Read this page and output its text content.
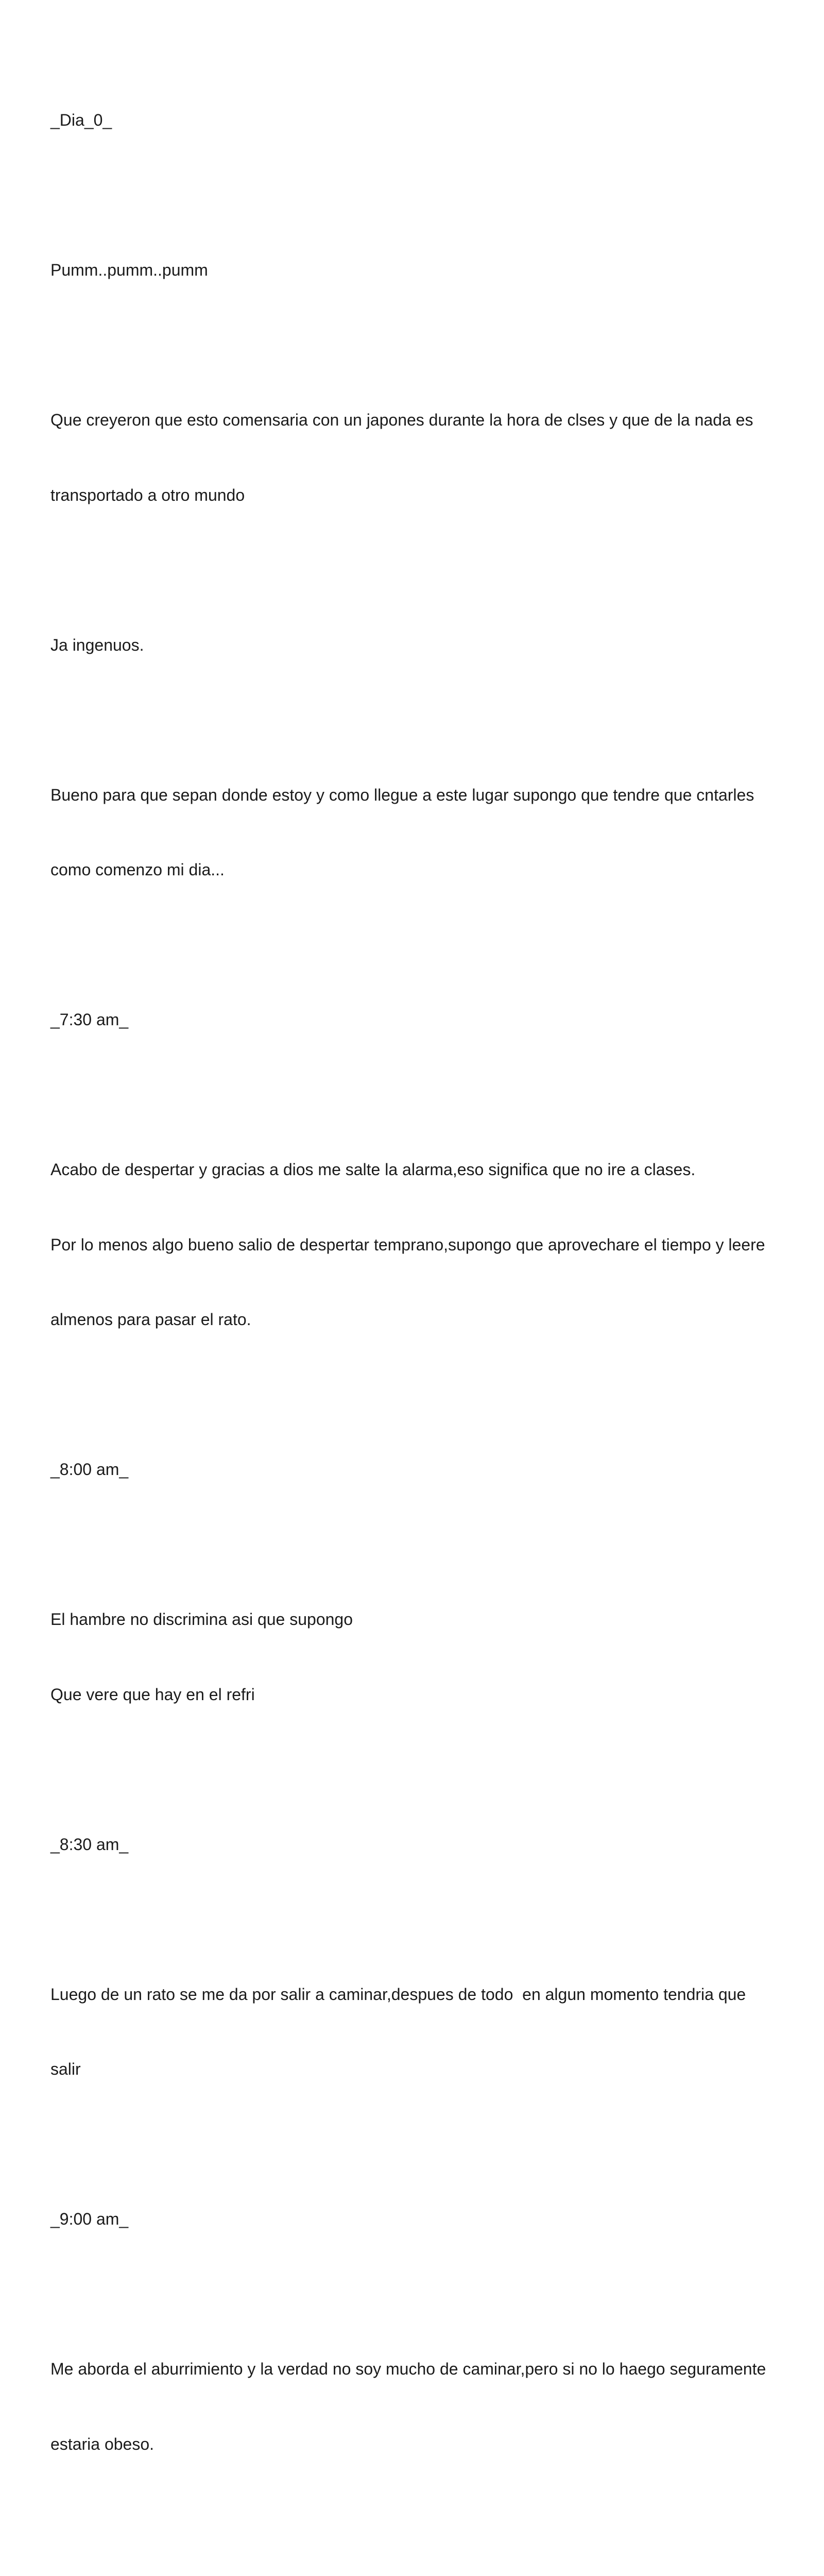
_Dia_0_

Pumm..pumm..pumm

Que creyeron que esto comensaria con un japones durante la hora de clses y que de la nada es

transportado a otro mundo

Ja ingenuos.

Bueno para que sepan donde estoy y como llegue a este lugar supongo que tendre que cntarles

como comenzo mi dia...

_7:30 am_

Acabo de despertar y gracias a dios me salte la alarma,eso significa que no ire a clases.

Por lo menos algo bueno salio de despertar temprano,supongo que aprovechare el tiempo y leere

almenos para pasar el rato.

_8:00 am_

El hambre no discrimina asi que supongo

Que vere que hay en el refri

_8:30 am_

Luego de un rato se me da por salir a caminar,despues de todo  en algun momento tendria que

salir

_9:00 am_

Me aborda el aburrimiento y la verdad no soy mucho de caminar,pero si no lo haego seguramente

estaria obeso.
